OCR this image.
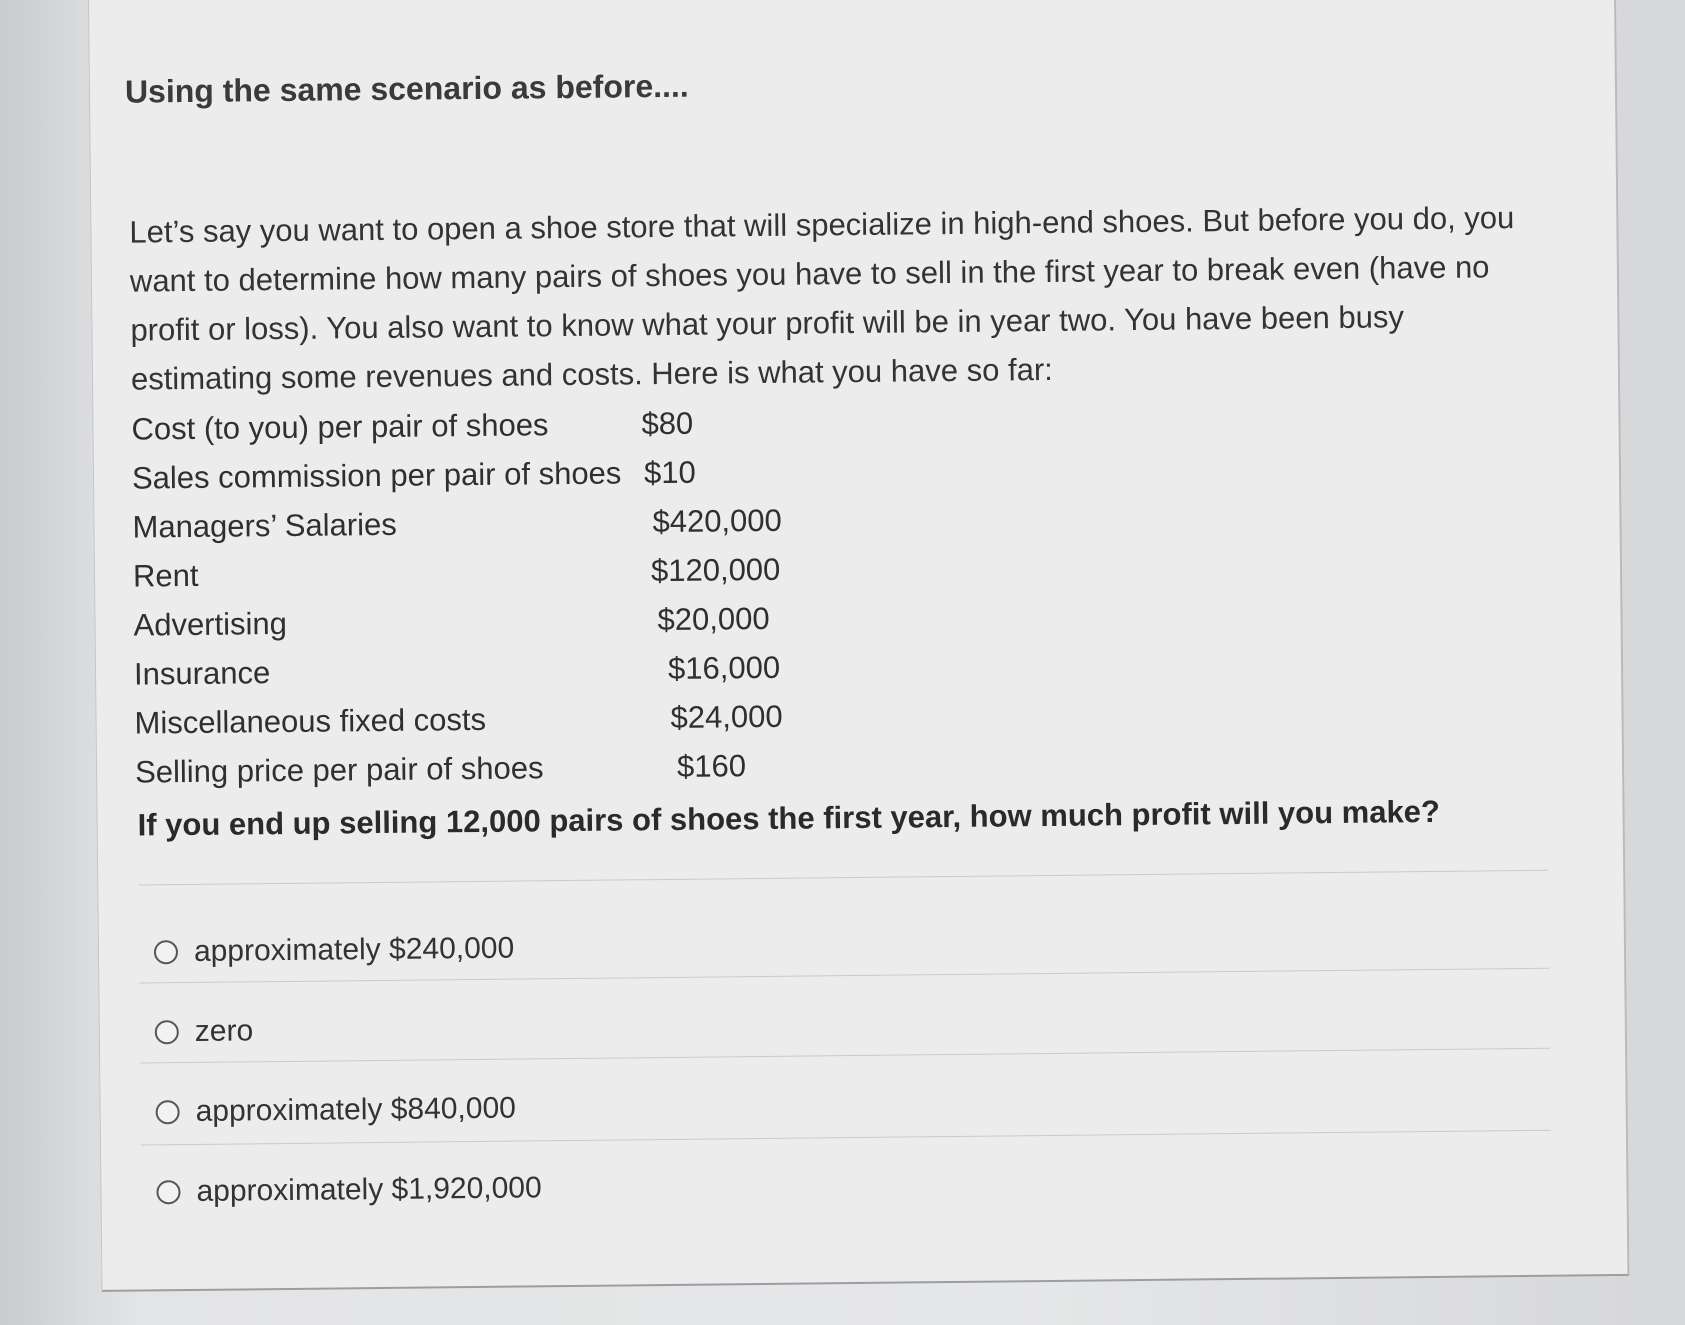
Using the same scenario as before....
Let’s say you want to open a shoe store that will specialize in high-end shoes. But before you do, you want to determine how many pairs of shoes you have to sell in the first year to break even (have no profit or loss). You also want to know what your profit will be in year two. You have been busy estimating some revenues and costs. Here is what you have so far:
Cost (to you) per pair of shoes	$80
Sales commission per pair of shoes $10
Managers’ Salaries	$420,000
Rent	$120,000
Advertising	$20,000
Insurance	$16,000
Miscellaneous fixed costs	$24,000
Selling price per pair of shoes	$160
If you end up selling 12,000 pairs of shoes the first year, how much profit will you make?
approximately $240,000
zero
approximately $840,000
approximately $1,920,000
